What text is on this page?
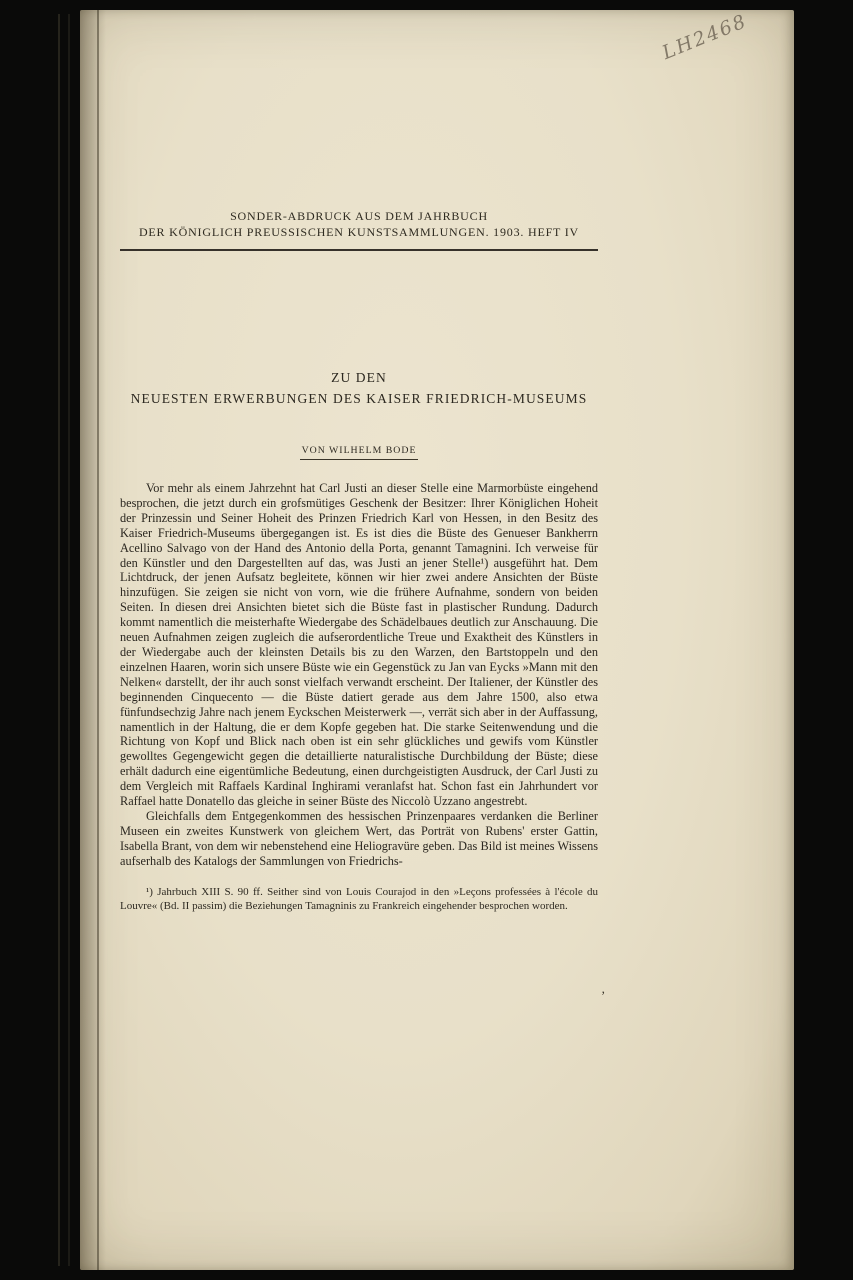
LH2468
SONDER-ABDRUCK AUS DEM JAHRBUCH
DER KÖNIGLICH PREUSSISCHEN KUNSTSAMMLUNGEN. 1903. HEFT IV
ZU DEN
NEUESTEN ERWERBUNGEN DES KAISER FRIEDRICH-MUSEUMS
VON WILHELM BODE

Vor mehr als einem Jahrzehnt hat Carl Justi an dieser Stelle eine Marmorbüste eingehend besprochen, die jetzt durch ein grofsmütiges Geschenk der Besitzer: Ihrer Königlichen Hoheit der Prinzessin und Seiner Hoheit des Prinzen Friedrich Karl von Hessen, in den Besitz des Kaiser Friedrich-Museums übergegangen ist. Es ist dies die Büste des Genueser Bankherrn Acellino Salvago von der Hand des Antonio della Porta, genannt Tamagnini. Ich verweise für den Künstler und den Dargestellten auf das, was Justi an jener Stelle¹) ausgeführt hat. Dem Lichtdruck, der jenen Aufsatz begleitete, können wir hier zwei andere Ansichten der Büste hinzufügen. Sie zeigen sie nicht von vorn, wie die frühere Aufnahme, sondern von beiden Seiten. In diesen drei Ansichten bietet sich die Büste fast in plastischer Rundung. Dadurch kommt namentlich die meisterhafte Wiedergabe des Schädelbaues deutlich zur Anschauung. Die neuen Aufnahmen zeigen zugleich die aufserordentliche Treue und Exaktheit des Künstlers in der Wiedergabe auch der kleinsten Details bis zu den Warzen, den Bartstoppeln und den einzelnen Haaren, worin sich unsere Büste wie ein Gegenstück zu Jan van Eycks »Mann mit den Nelken« darstellt, der ihr auch sonst vielfach verwandt erscheint. Der Italiener, der Künstler des beginnenden Cinquecento — die Büste datiert gerade aus dem Jahre 1500, also etwa fünfundsechzig Jahre nach jenem Eyckschen Meisterwerk —, verrät sich aber in der Auffassung, namentlich in der Haltung, die er dem Kopfe gegeben hat. Die starke Seitenwendung und die Richtung von Kopf und Blick nach oben ist ein sehr glückliches und gewifs vom Künstler gewolltes Gegengewicht gegen die detaillierte naturalistische Durchbildung der Büste; diese erhält dadurch eine eigentümliche Bedeutung, einen durchgeistigten Ausdruck, der Carl Justi zu dem Vergleich mit Raffaels Kardinal Inghirami veranlafst hat. Schon fast ein Jahrhundert vor Raffael hatte Donatello das gleiche in seiner Büste des Niccolò Uzzano angestrebt.

Gleichfalls dem Entgegenkommen des hessischen Prinzenpaares verdanken die Berliner Museen ein zweites Kunstwerk von gleichem Wert, das Porträt von Rubens' erster Gattin, Isabella Brant, von dem wir nebenstehend eine Heliogravüre geben. Das Bild ist meines Wissens aufserhalb des Katalogs der Sammlungen von Friedrichs-

¹) Jahrbuch XIII S. 90 ff. Seither sind von Louis Courajod in den »Leçons professées à l'école du Louvre« (Bd. II passim) die Beziehungen Tamagninis zu Frankreich eingehender besprochen worden.
’
